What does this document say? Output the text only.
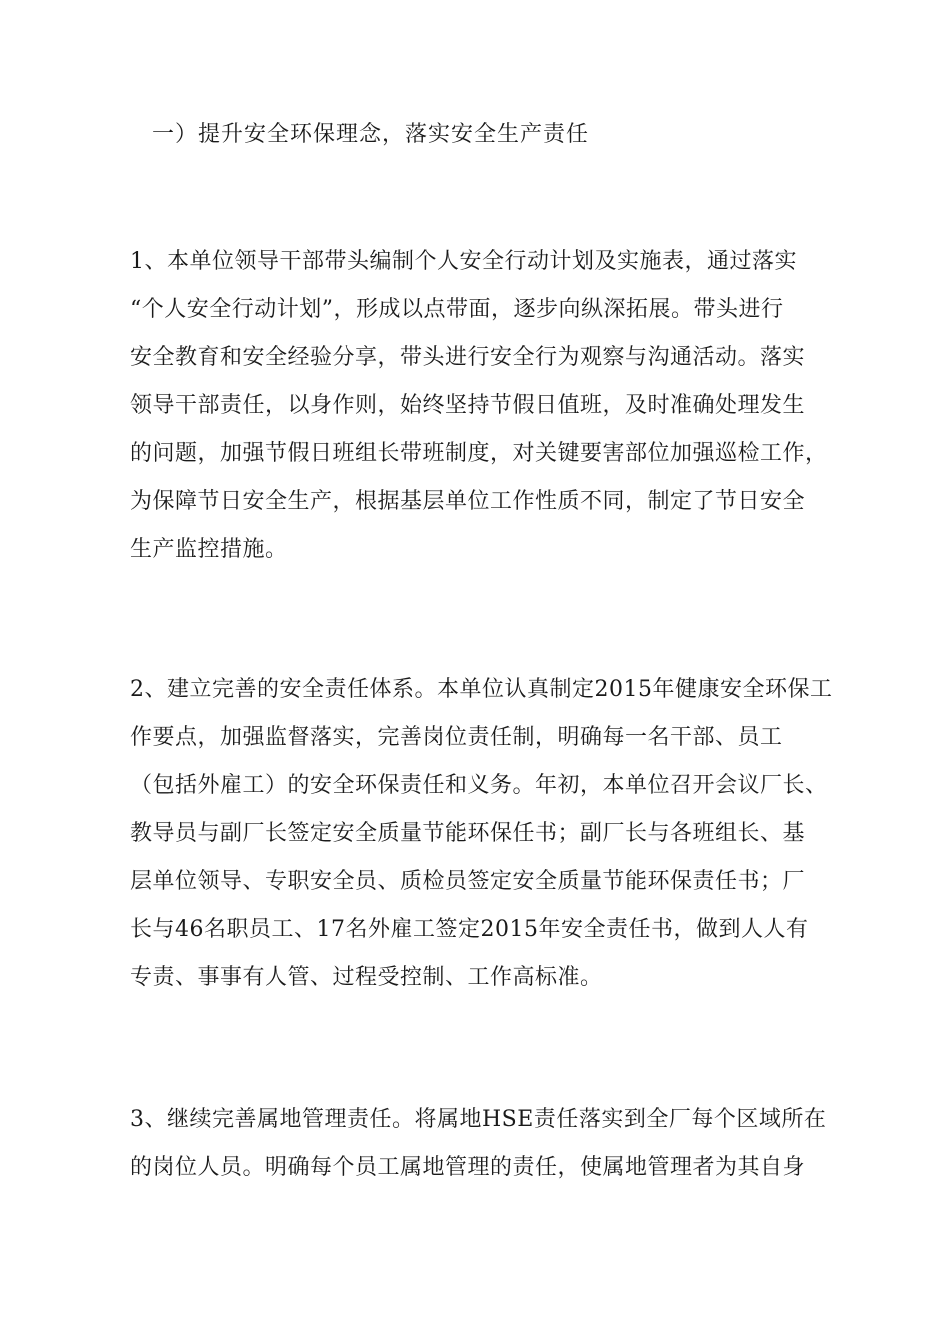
一）提升安全环保理念，落实安全生产责任
1、本单位领导干部带头编制个人安全行动计划及实施表，通过落实
“个人安全行动计划”，形成以点带面，逐步向纵深拓展。带头进行
安全教育和安全经验分享，带头进行安全行为观察与沟通活动。落实
领导干部责任，以身作则，始终坚持节假日值班，及时准确处理发生
的问题，加强节假日班组长带班制度，对关键要害部位加强巡检工作，
为保障节日安全生产，根据基层单位工作性质不同，制定了节日安全
生产监控措施。
2、建立完善的安全责任体系。本单位认真制定2015年健康安全环保工
作要点，加强监督落实，完善岗位责任制，明确每一名干部、员工
（包括外雇工）的安全环保责任和义务。年初，本单位召开会议厂长、
教导员与副厂长签定安全质量节能环保任书；副厂长与各班组长、基
层单位领导、专职安全员、质检员签定安全质量节能环保责任书；厂
长与46名职员工、17名外雇工签定2015年安全责任书，做到人人有
专责、事事有人管、过程受控制、工作高标准。
3、继续完善属地管理责任。将属地HSE责任落实到全厂每个区域所在
的岗位人员。明确每个员工属地管理的责任，使属地管理者为其自身
